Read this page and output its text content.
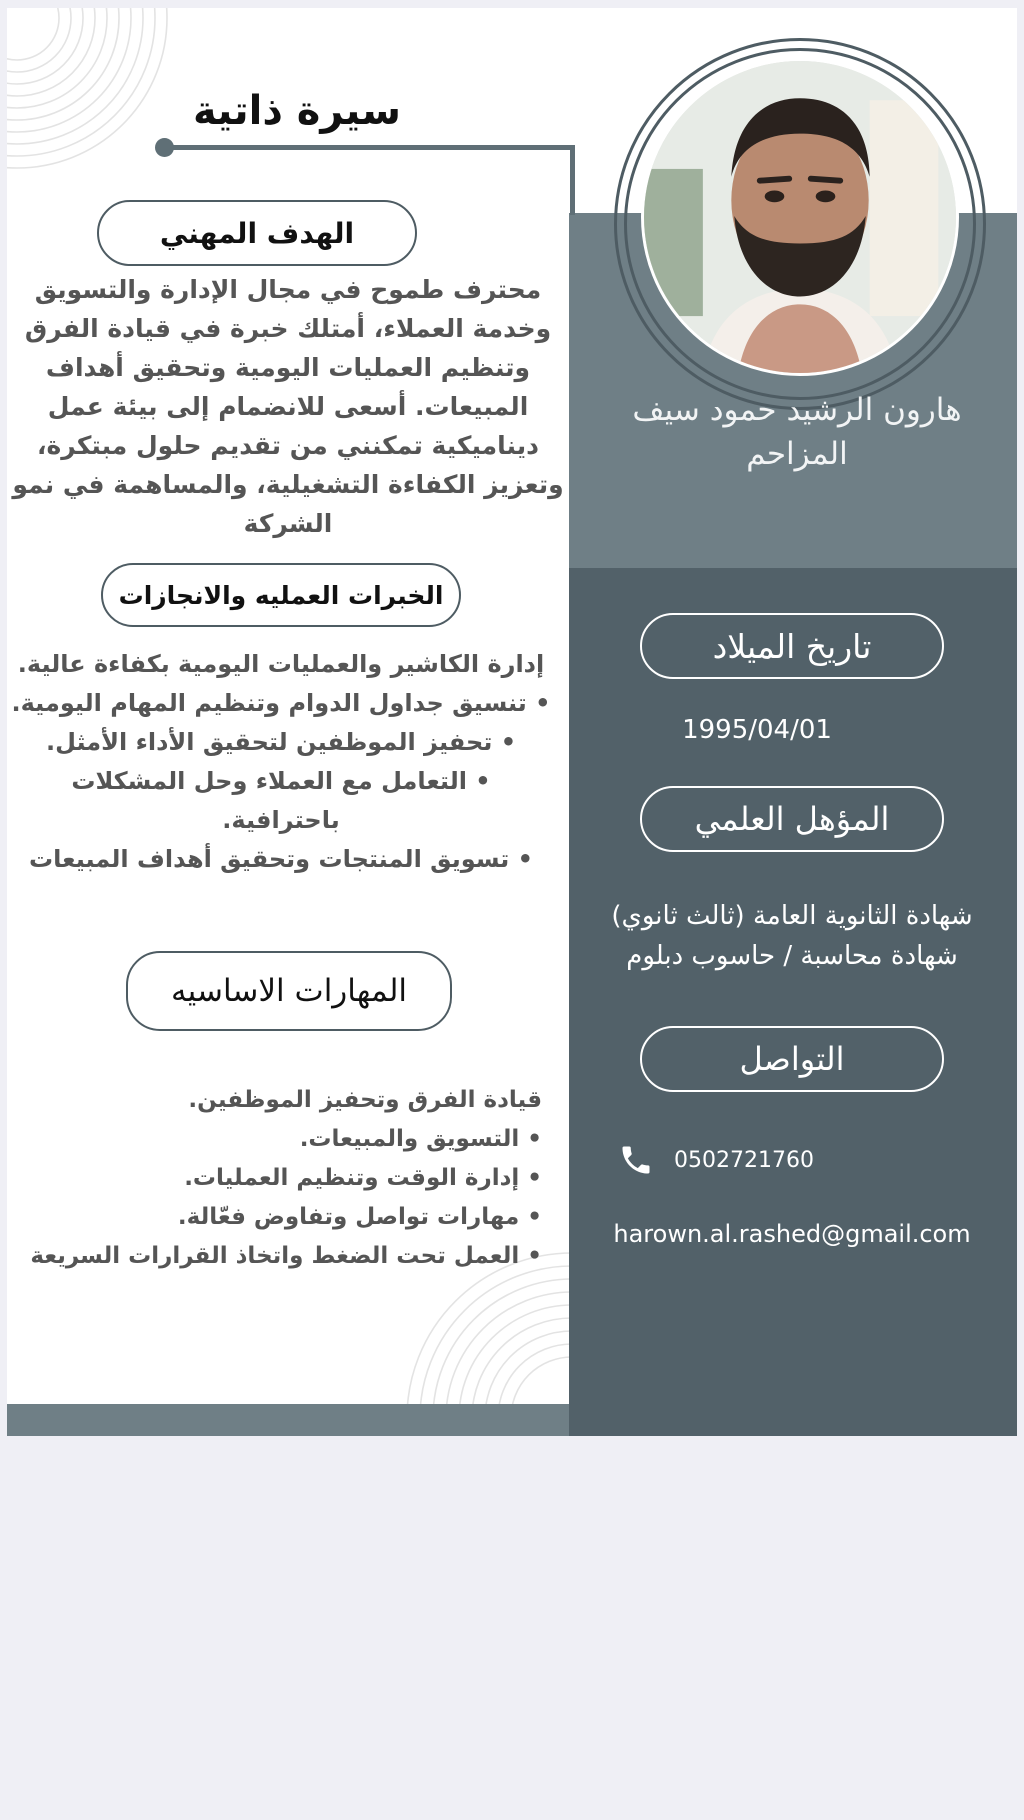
سيرة ذاتية
هارون الرشيد حمود سيف
المزاحم
الهدف المهني
محترف طموح في مجال الإدارة والتسويق
وخدمة العملاء، أمتلك خبرة في قيادة الفرق
وتنظيم العمليات اليومية وتحقيق أهداف
المبيعات. أسعى للانضمام إلى بيئة عمل
ديناميكية تمكنني من تقديم حلول مبتكرة،
وتعزيز الكفاءة التشغيلية، والمساهمة في نمو
الشركة
الخبرات العمليه والانجازات
إدارة الكاشير والعمليات اليومية بكفاءة عالية.
• تنسيق جداول الدوام وتنظيم المهام اليومية.
• تحفيز الموظفين لتحقيق الأداء الأمثل.
• التعامل مع العملاء وحل المشكلات
باحترافية.
• تسويق المنتجات وتحقيق أهداف المبيعات
المهارات الاساسيه
قيادة الفرق وتحفيز الموظفين.
• التسويق والمبيعات.
• إدارة الوقت وتنظيم العمليات.
• مهارات تواصل وتفاوض فعّالة.
• العمل تحت الضغط واتخاذ القرارات السريعة
تاريخ الميلاد
1995/04/01
المؤهل العلمي
شهادة الثانوية العامة (ثالث ثانوي)
شهادة محاسبة / حاسوب دبلوم
التواصل
0502721760
harown.al.rashed@gmail.com
